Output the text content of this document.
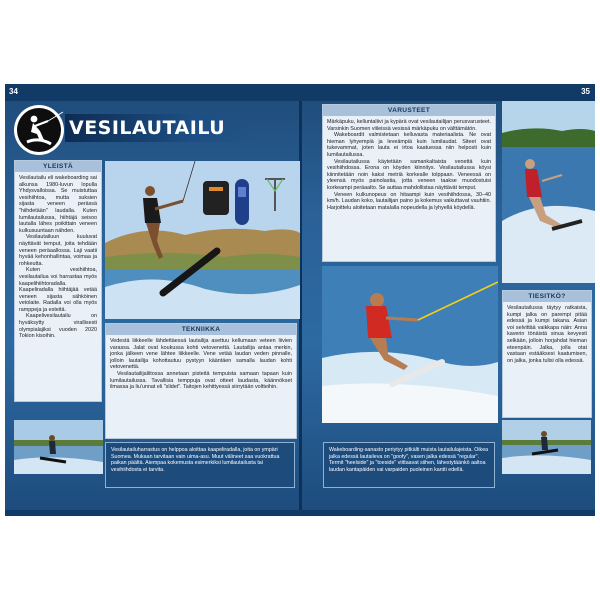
34	35
VESILAUTAILU
YLEISTÄ

Vesilautailu eli wakeboarding sai alkunsa 1980-luvun lopulla Yhdysvalloissa. Se muistuttaa vesihiihtoa, mutta suksien sijasta veneen perässä "hiihdetään" laudalla. Kuten lumilautailussa, hiihtäjä seisoo lautalla lähes poikittain veneen kulkusuuntaan nähden.

Vesilautailuun kuuluvat näyttävät temput, joita tehdään veneen peräaallossa. Laji vaatii hyvää kehonhallintaa, voimaa ja rohkeutta.

Kuten vesihiihtoa, vesilautailua voi harrastaa myös kaapelihiihtoradalla. Kaapeliradalla hiihtäjää vetää veneen sijasta sähköinen vetolaite. Radalla voi olla myös ramppeja ja esteitä.

Kaapelivesilautailu on hyväksytty virallisesti olympialajiksi vuoden 2020 Tokion kisoihin.

TEKNIIKKA

Vedestä liikkeelle lähdettäessä lautailija asettuu kellumaan veteen liivien varassa. Jalat ovat koukussa kohti vetovenettä. Lautailija antaa merkin, jonka jälkeen vene lähtee liikkeelle. Vene vetää laudan veden pinnalle, jolloin lautailija kohottautuu pystyyn kääntäen samalla laudan kohti vetovenettä.

Vesilautailijaliitossa annetaan pisteitä tempuista samaan tapaan kuin lumilautailussa. Tavallisia temppuja ovat otteet laudasta, käännökset ilmassa ja liu'unnat eli "slidet". Taitojen kehittyessä siirrytään voltteihin.

Vesilautailuharrastus on helppoa aloittaa kaapeliradalla, joita on ympäri Suomea. Mukaan tarvitaan vain uima-asu. Muut välineet saa vuokrattua paikan päältä. Aiempaa kokemusta esimerkiksi lumilautailusta tai vesihiihdosta ei tarvita.
VARUSTEET

Märkäpuku, kelluntaliivi ja kypärä ovat vesilautailijan perusvarusteet. Varsinkin Suomen viileissä vesissä märkäpuku on välttämätön.

Wakeboardit valmistetaan kelluvasta materiaalista. Ne ovat hieman lyhyempiä ja leveämpiä kuin lumilaudat. Siteet ovat tukevammat, joten lauta ei irtoa kaatuessa niin helposti kuin lumilautailussa.

Vesilautailussa käytetään samankaltaista venettä kuin vesihiihdossa. Erona on köyden kiinnitys. Vesilautailussa köysi kiinnitetään noin kaksi metriä korkealle tolppaan. Veneessä on yleensä myös painolastia, jotta veneen taakse muodostuisi korkeampi peräaalto. Se auttaa mahdollistaa näyttävät temput.

Veneen kulkunopeus on hitaampi kuin vesihiihdossa, 30–40 km/h. Laudan koko, lautailijan paino ja kokemus vaikuttavat vauhtiin. Harjoittelu aloitetaan matalalla nopeudella ja lyhyellä köydellä.

TIESITKÖ?

Vesilautailussa täytyy ratkaista, kumpi jalka on parempi pitää edessä ja kumpi takana. Asian voi selvittää vaikkapa näin: Anna kaverin tönäistä sinua kevyesti selkään, jolloin horjahdat hieman eteenpäin. Jalka, jolla otat vastaan estääksesi kaatumisen, on jalka, jonka tulisi olla edessä.

Wakeboarding-sanasto periytyy pitkälti muista lautailulajeista. Oikea jalka edessä lautaileva on "goofy", vasen jalka edessä "regular". Termit "heelside" ja "toeside" viittaavat siihen, lähestytäänkö aaltoa laudan kantapäiden vai varpaiden puoleinen kantti edellä.
